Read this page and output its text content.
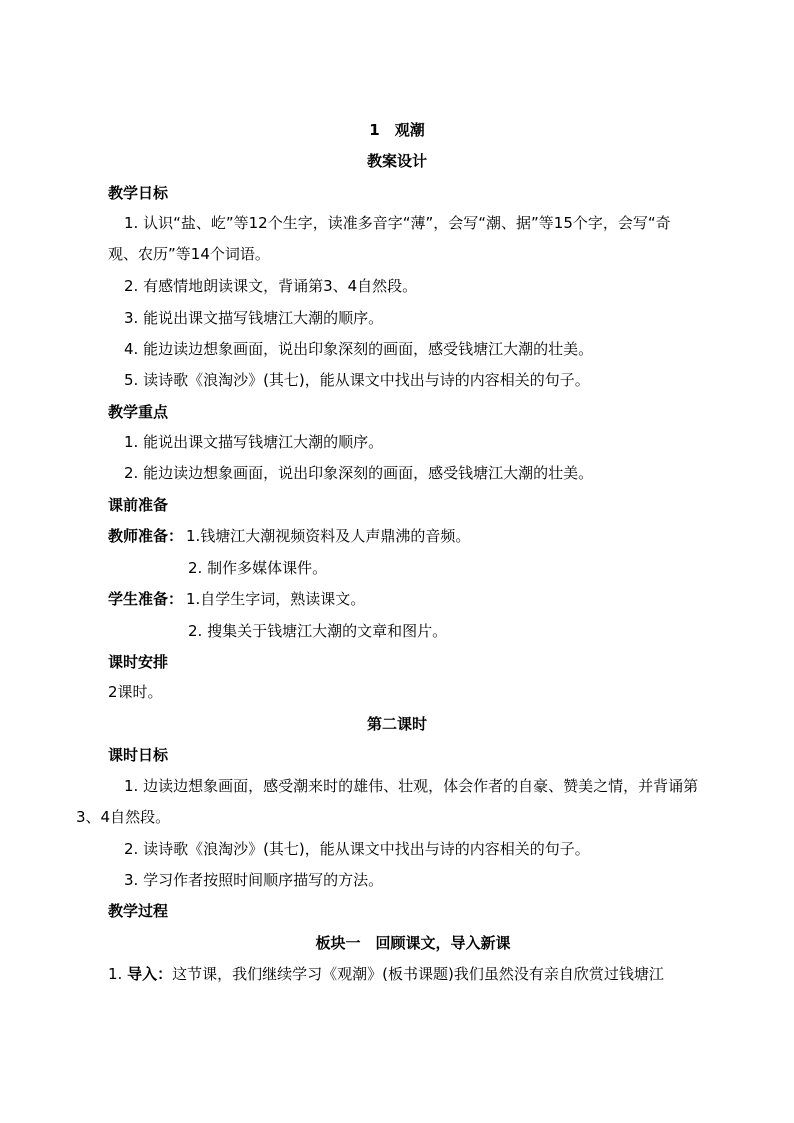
1　观潮
教案设计
教学日标
1. 认识“盐、屹”等12个生字，读准多音字“薄”，会写“潮、据”等15个字，会写“奇
观、农历”等14个词语。
2. 有感情地朗读课文，背诵第3、4自然段。
3. 能说出课文描写钱塘江大潮的顺序。
4. 能边读边想象画面，说出印象深刻的画面，感受钱塘江大潮的壮美。
5. 读诗歌《浪淘沙》(其七)，能从课文中找出与诗的内容相关的句子。
教学重点
1. 能说出课文描写钱塘江大潮的顺序。
2. 能边读边想象画面，说出印象深刻的画面，感受钱塘江大潮的壮美。
课前准备
教师准备： 1.钱塘江大潮视频资料及人声鼎沸的音频。
2. 制作多媒体课件。
学生准备： 1.自学生字词，熟读课文。
2. 搜集关于钱塘江大潮的文章和图片。
课时安排
2课时。
第二课时
课时日标
1. 边读边想象画面，感受潮来时的雄伟、壮观，体会作者的自豪、赞美之情，并背诵第
3、4自然段。
2. 读诗歌《浪淘沙》(其七)，能从课文中找出与诗的内容相关的句子。
3. 学习作者按照时间顺序描写的方法。
教学过程
板块一　回顾课文，导入新课
1. 导入：这节课，我们继续学习《观潮》(板书课题)我们虽然没有亲自欣赏过钱塘江
